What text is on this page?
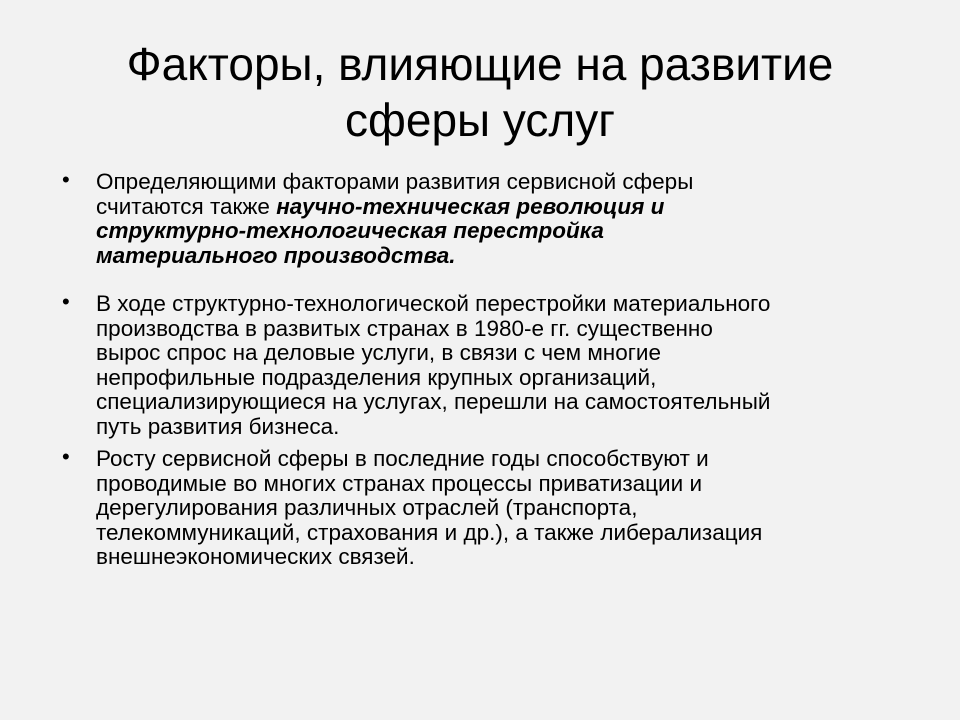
Факторы, влияющие на развитие
сферы услуг
• Определяющими факторами развития сервисной сферы
считаются также научно-техническая революция и
структурно-технологическая перестройка
материального производства.
• В ходе структурно-технологической перестройки материального
производства в развитых странах в 1980-е гг. существенно
вырос спрос на деловые услуги, в связи с чем многие
непрофильные подразделения крупных организаций,
специализирующиеся на услугах, перешли на самостоятельный
путь развития бизнеса.
• Росту сервисной сферы в последние годы способствуют и
проводимые во многих странах процессы приватизации и
дерегулирования различных отраслей (транспорта,
телекоммуникаций, страхования и др.), а также либерализация
внешнеэкономических связей.
